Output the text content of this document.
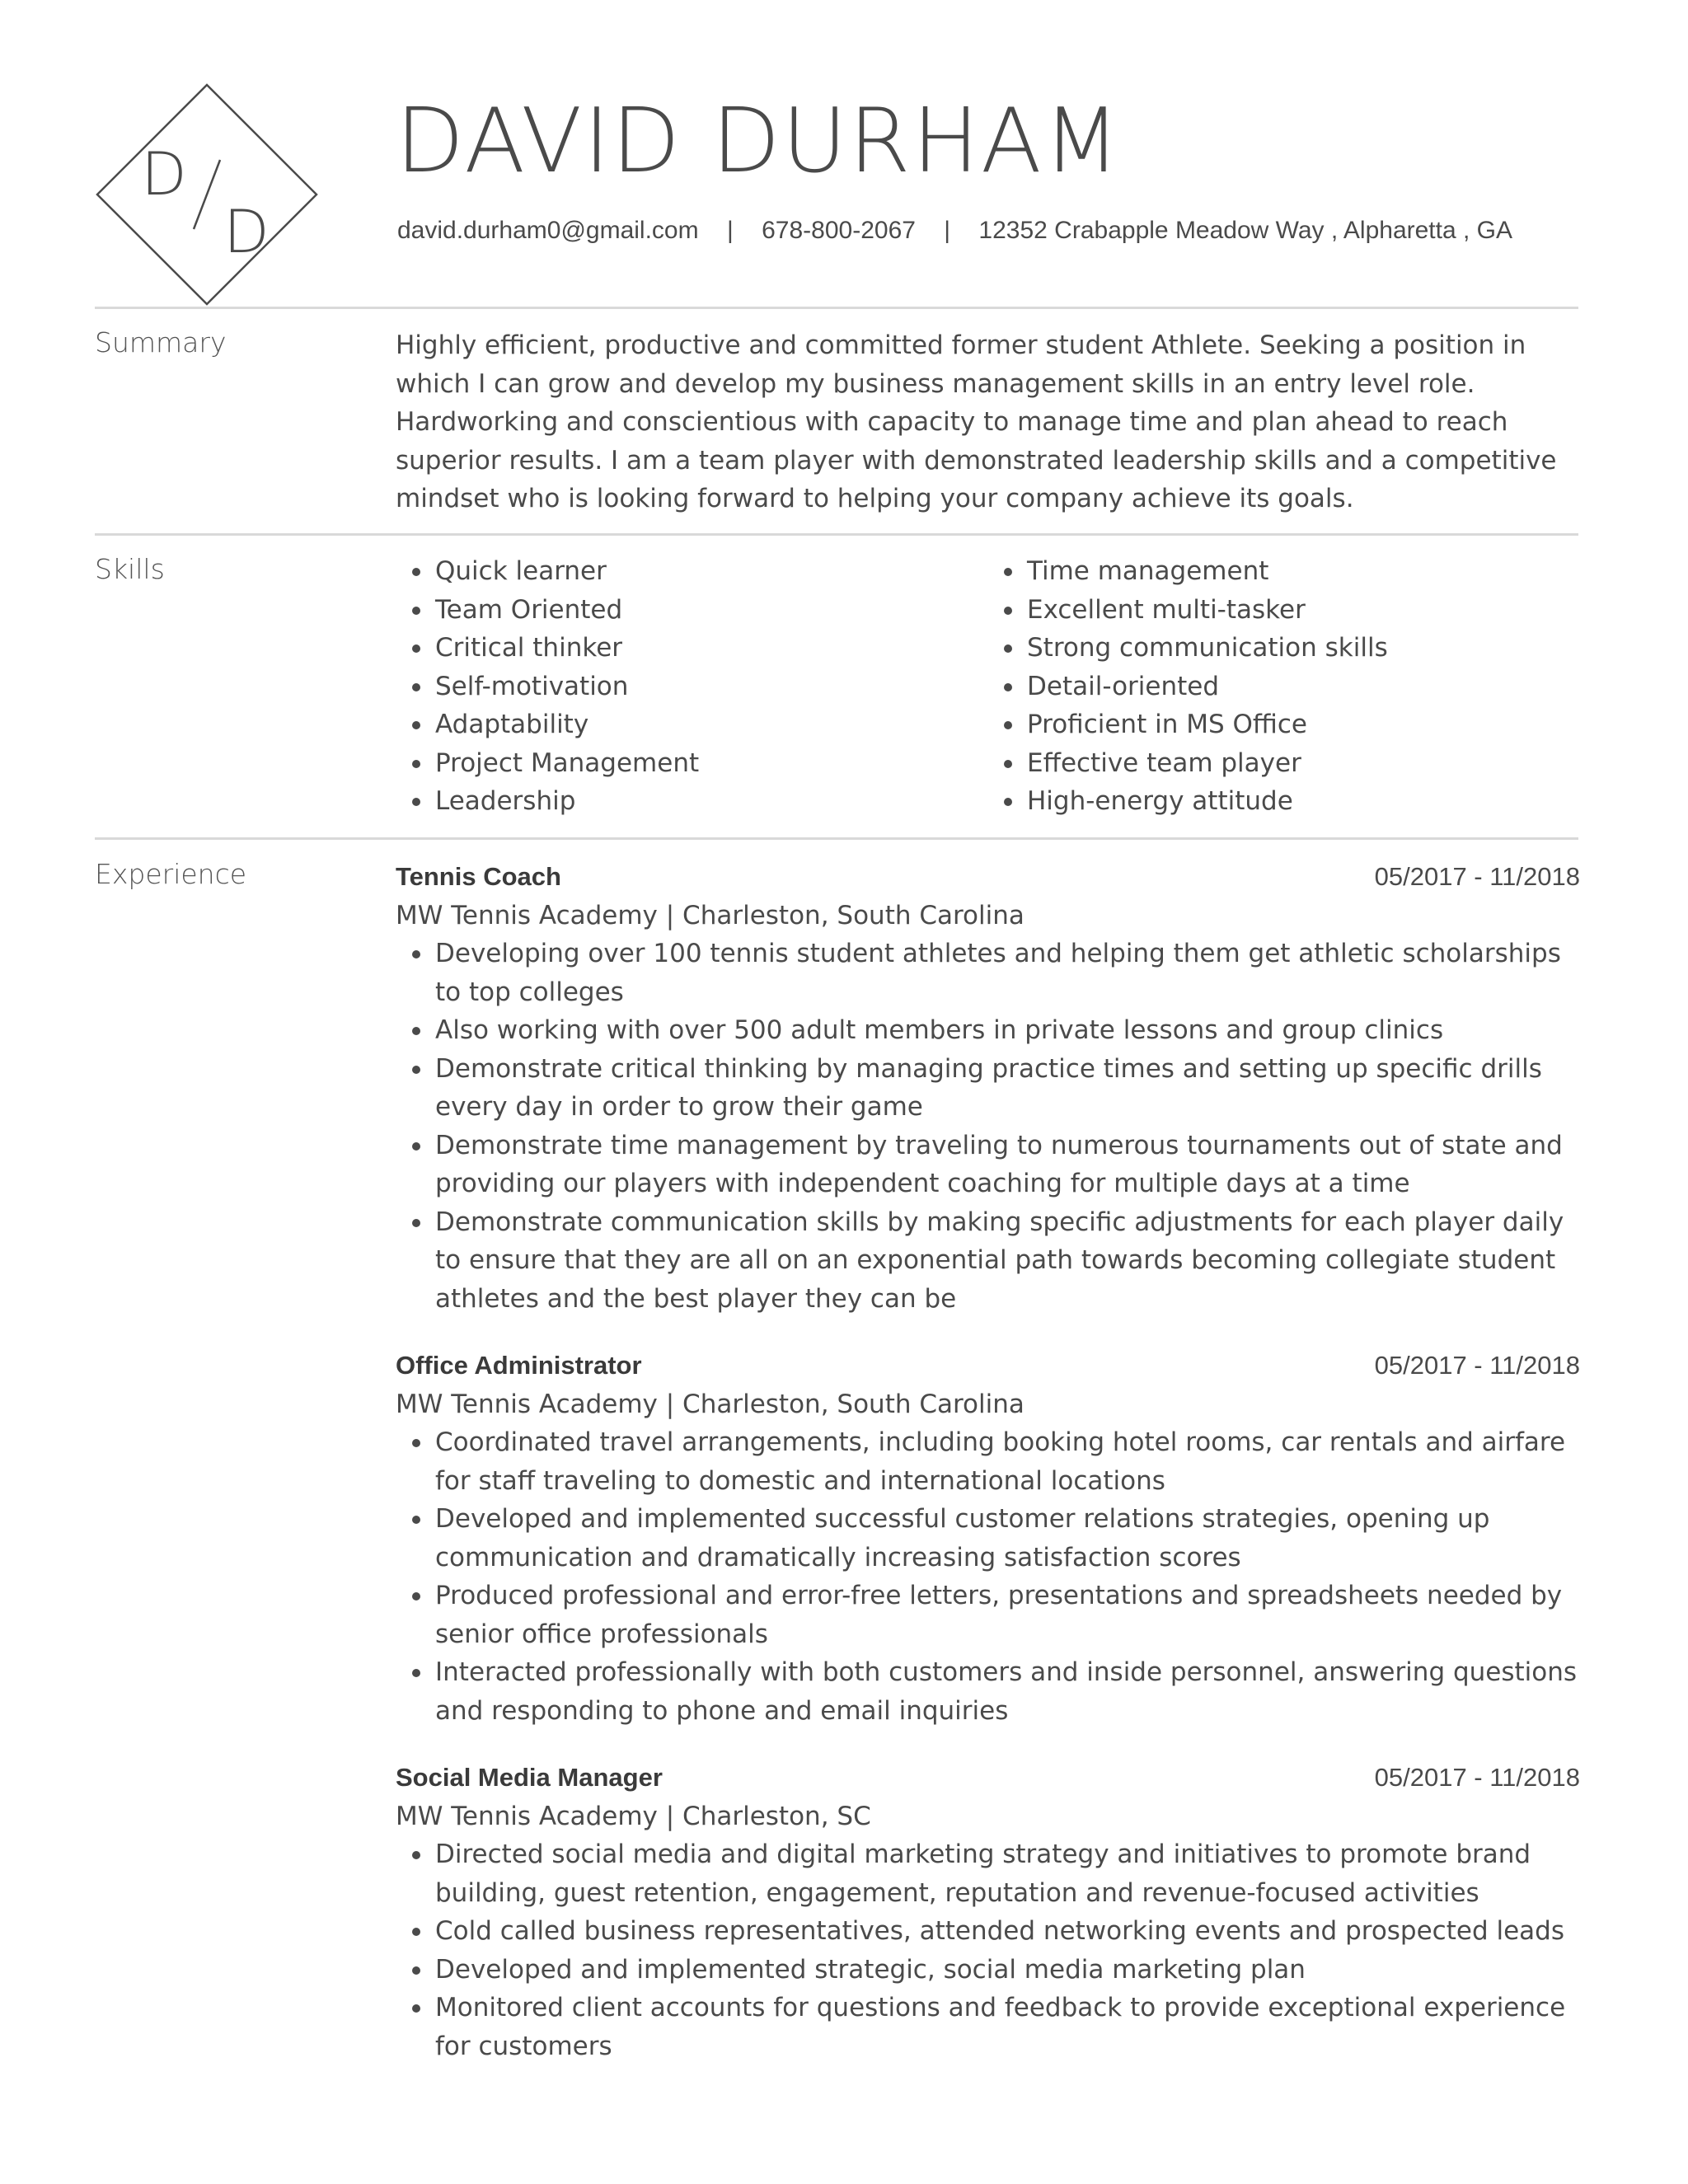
D
D
DAVID DURHAM
david.durham0@gmail.com | 678-800-2067 | 12352 Crabapple Meadow Way , Alpharetta , GA
Summary	Highly efficient, productive and committed former student Athlete. Seeking a position in which I can grow and develop my business management skills in an entry level role. Hardworking and conscientious with capacity to manage time and plan ahead to reach superior results. I am a team player with demonstrated leadership skills and a competitive mindset who is looking forward to helping your company achieve its goals.

Skills	Quick learner
Team Oriented
Critical thinker
Self-motivation
Adaptability
Project Management
Leadership
Time management
Excellent multi-tasker
Strong communication skills
Detail-oriented
Proficient in MS Office
Effective team player
High-energy attitude
Experience	Tennis Coach	05/2017 - 11/2018
MW Tennis Academy | Charleston, South Carolina
Developing over 100 tennis student athletes and helping them get athletic scholarships to top colleges
Also working with over 500 adult members in private lessons and group clinics
Demonstrate critical thinking by managing practice times and setting up specific drills every day in order to grow their game
Demonstrate time management by traveling to numerous tournaments out of state and providing our players with independent coaching for multiple days at a time
Demonstrate communication skills by making specific adjustments for each player daily to ensure that they are all on an exponential path towards becoming collegiate student athletes and the best player they can be
Office Administrator	05/2017 - 11/2018
MW Tennis Academy | Charleston, South Carolina
Coordinated travel arrangements, including booking hotel rooms, car rentals and airfare for staff traveling to domestic and international locations
Developed and implemented successful customer relations strategies, opening up communication and dramatically increasing satisfaction scores
Produced professional and error-free letters, presentations and spreadsheets needed by senior office professionals
Interacted professionally with both customers and inside personnel, answering questions and responding to phone and email inquiries
Social Media Manager	05/2017 - 11/2018
MW Tennis Academy | Charleston, SC
Directed social media and digital marketing strategy and initiatives to promote brand building, guest retention, engagement, reputation and revenue-focused activities
Cold called business representatives, attended networking events and prospected leads
Developed and implemented strategic, social media marketing plan
Monitored client accounts for questions and feedback to provide exceptional experience for customers
